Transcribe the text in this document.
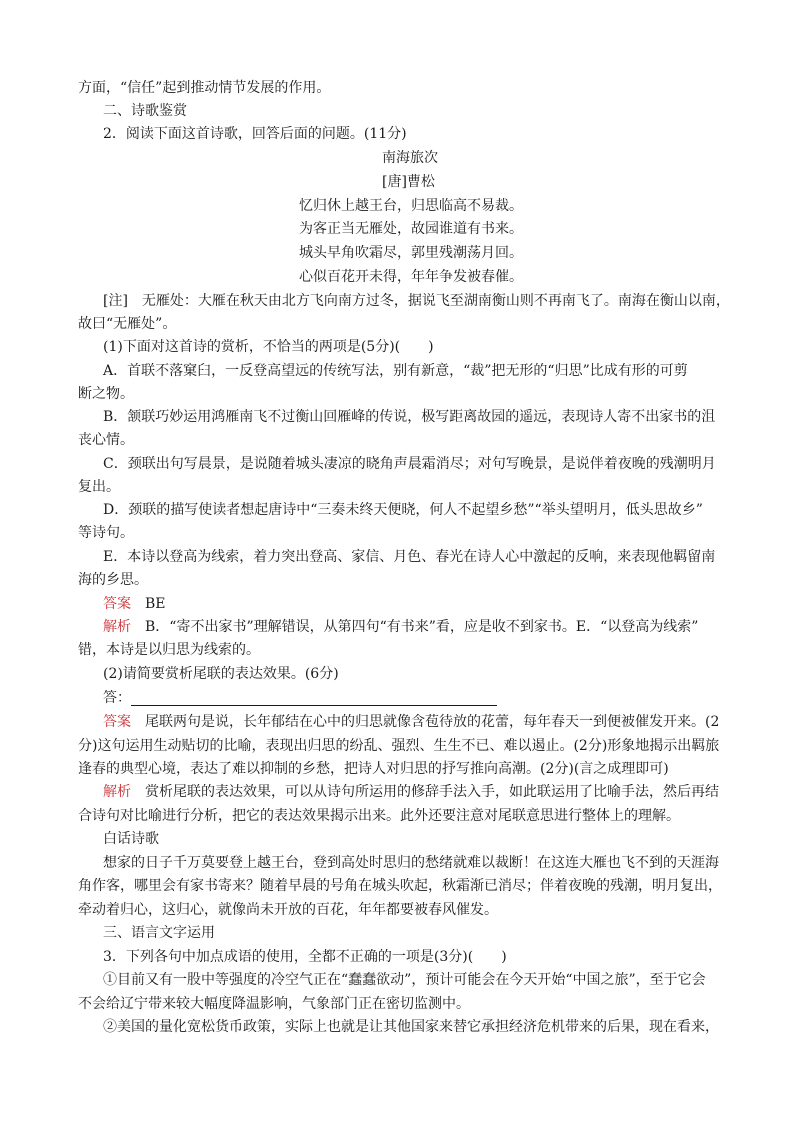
方面，“信任”起到推动情节发展的作用。
二、诗歌鉴赏
2．阅读下面这首诗歌，回答后面的问题。(11分)
南海旅次
[唐]曹松
忆归休上越王台，归思临高不易裁。
为客正当无雁处，故园谁道有书来。
城头早角吹霜尽，郭里残潮荡月回。
心似百花开未得，年年争发被春催。
[注]　无雁处：大雁在秋天由北方飞向南方过冬，据说飞至湖南衡山则不再南飞了。南海在衡山以南，
故曰“无雁处”。
(1)下面对这首诗的赏析，不恰当的两项是(5分)(　　)
A．首联不落窠臼，一反登高望远的传统写法，别有新意，“裁”把无形的“归思”比成有形的可剪
断之物。
B．颔联巧妙运用鸿雁南飞不过衡山回雁峰的传说，极写距离故园的遥远，表现诗人寄不出家书的沮
丧心情。
C．颈联出句写晨景，是说随着城头凄凉的晓角声晨霜消尽；对句写晚景，是说伴着夜晚的残潮明月
复出。
D．颈联的描写使读者想起唐诗中“三奏未终天便晓，何人不起望乡愁”“举头望明月，低头思故乡”
等诗句。
E．本诗以登高为线索，着力突出登高、家信、月色、春光在诗人心中激起的反响，来表现他羁留南
海的乡思。
答案　 BE
解析　 B．“寄不出家书”理解错误，从第四句“有书来”看，应是收不到家书。E．“以登高为线索”
错，本诗是以归思为线索的。
(2)请简要赏析尾联的表达效果。(6分)
答：
答案　 尾联两句是说，长年郁结在心中的归思就像含苞待放的花蕾，每年春天一到便被催发开来。(2
分)这句运用生动贴切的比喻，表现出归思的纷乱、强烈、生生不已、难以遏止。(2分)形象地揭示出羁旅
逢春的典型心境，表达了难以抑制的乡愁，把诗人对归思的抒写推向高潮。(2分)(言之成理即可)
解析　 赏析尾联的表达效果，可以从诗句所运用的修辞手法入手，如此联运用了比喻手法，然后再结
合诗句对比喻进行分析，把它的表达效果揭示出来。此外还要注意对尾联意思进行整体上的理解。
白话诗歌
想家的日子千万莫要登上越王台，登到高处时思归的愁绪就难以裁断！在这连大雁也飞不到的天涯海
角作客，哪里会有家书寄来？随着早晨的号角在城头吹起，秋霜渐已消尽；伴着夜晚的残潮，明月复出，
牵动着归心，这归心，就像尚未开放的百花，年年都要被春风催发。
三、语言文字运用
3．下列各句中加点成语的使用，全都不正确的一项是(3分)(　　)
①目前又有一股中等强度的冷空气正在“蠢蠢欲动”，预计可能会在今天开始“中国之旅”，至于它会
不会给辽宁带来较大幅度降温影响，气象部门正在密切监测中。
②美国的量化宽松货币政策，实际上也就是让其他国家来替它承担经济危机带来的后果，现在看来，
